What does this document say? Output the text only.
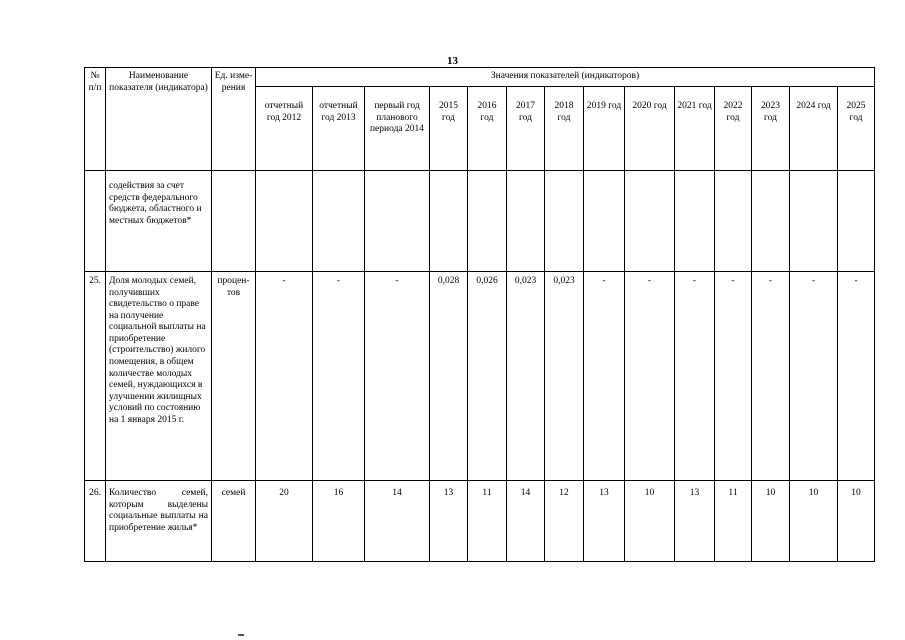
13
№ п/п	Наименование показателя (индикатора)	Ед. изме-рения	Значения показателей (индикаторов)													

			отчетный год 2012	отчетный год 2013	первый год планового периода 2014	2015 год	2016 год	2017 год	2018 год	2019 год	2020 год	2021 год	2022 год	2023 год	2024 год	2025 год

	содействия за счет средств федерального бюджета, областного и местных бюджетов*															

25.	Доля молодых семей, получивших свидетельство о праве на получение социальной выплаты на приобретение (строительство) жилого помещения, в общем количестве молодых семей, нуждающихся в улучшении жилищных условий по состоянию на 1 января 2015 г.	процен-тов	-	-	-	0,028	0,026	0,023	0,023	-	-	-	-	-	-	-

26.	Количество семей, которым выделены социальные выплаты на приобретение жилья*	семей	20	16	14	13	11	14	12	13	10	13	11	10	10	10
